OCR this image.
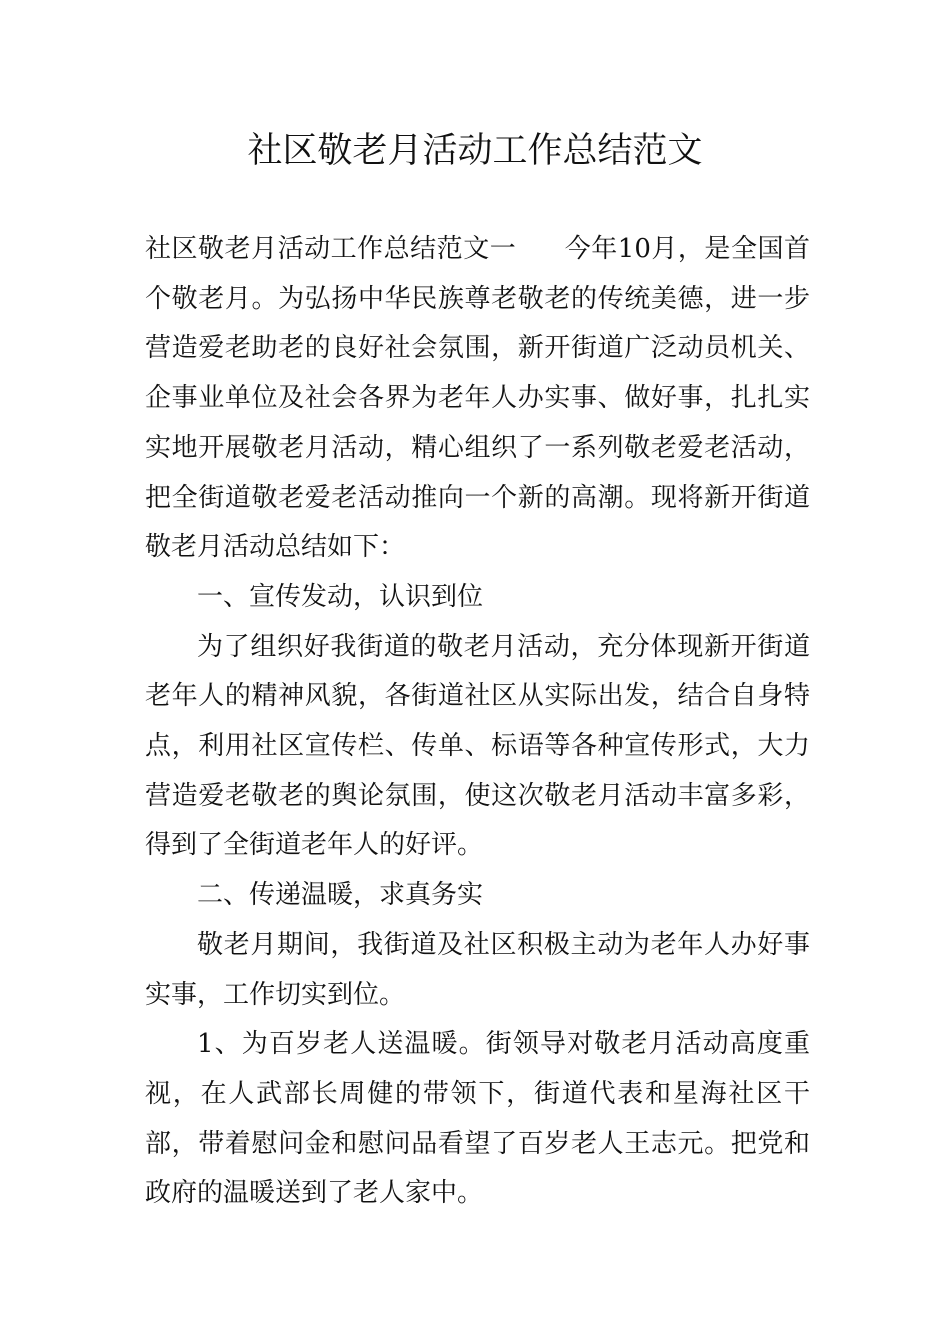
社区敬老月活动工作总结范文

社区敬老月活动工作总结范文一 今年10月，是全国首个敬老月。为弘扬中华民族尊老敬老的传统美德，进一步营造爱老助老的良好社会氛围，新开街道广泛动员机关、企事业单位及社会各界为老年人办实事、做好事，扎扎实实地开展敬老月活动，精心组织了一系列敬老爱老活动，把全街道敬老爱老活动推向一个新的高潮。现将新开街道敬老月活动总结如下：

一、宣传发动，认识到位

为了组织好我街道的敬老月活动，充分体现新开街道老年人的精神风貌，各街道社区从实际出发，结合自身特点，利用社区宣传栏、传单、标语等各种宣传形式，大力营造爱老敬老的舆论氛围，使这次敬老月活动丰富多彩，得到了全街道老年人的好评。

二、传递温暖，求真务实

敬老月期间，我街道及社区积极主动为老年人办好事实事，工作切实到位。

1、为百岁老人送温暖。街领导对敬老月活动高度重视，在人武部长周健的带领下，街道代表和星海社区干部，带着慰问金和慰问品看望了百岁老人王志元。把党和政府的温暖送到了老人家中。
